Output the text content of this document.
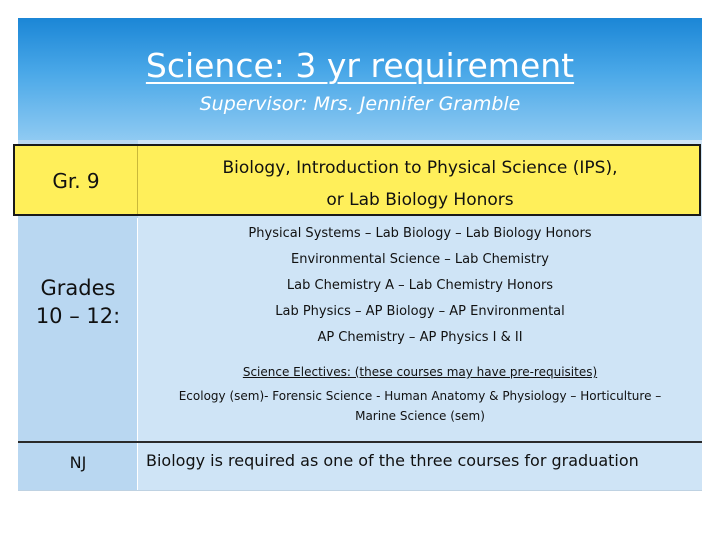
Science: 3 yr requirement
Supervisor: Mrs. Jennifer Gramble
Gr. 9
Biology, Introduction to Physical Science (IPS),
or Lab Biology Honors
Grades
10 – 12:
Physical Systems – Lab Biology – Lab Biology Honors
Environmental Science – Lab Chemistry
Lab Chemistry A – Lab Chemistry Honors
Lab Physics – AP Biology – AP Environmental
AP Chemistry – AP Physics I & II
Science Electives: (these courses may have pre-requisites)
Ecology (sem)- Forensic Science - Human Anatomy & Physiology – Horticulture –
Marine Science (sem)
NJ	Biology is required as one of the three courses for graduation
